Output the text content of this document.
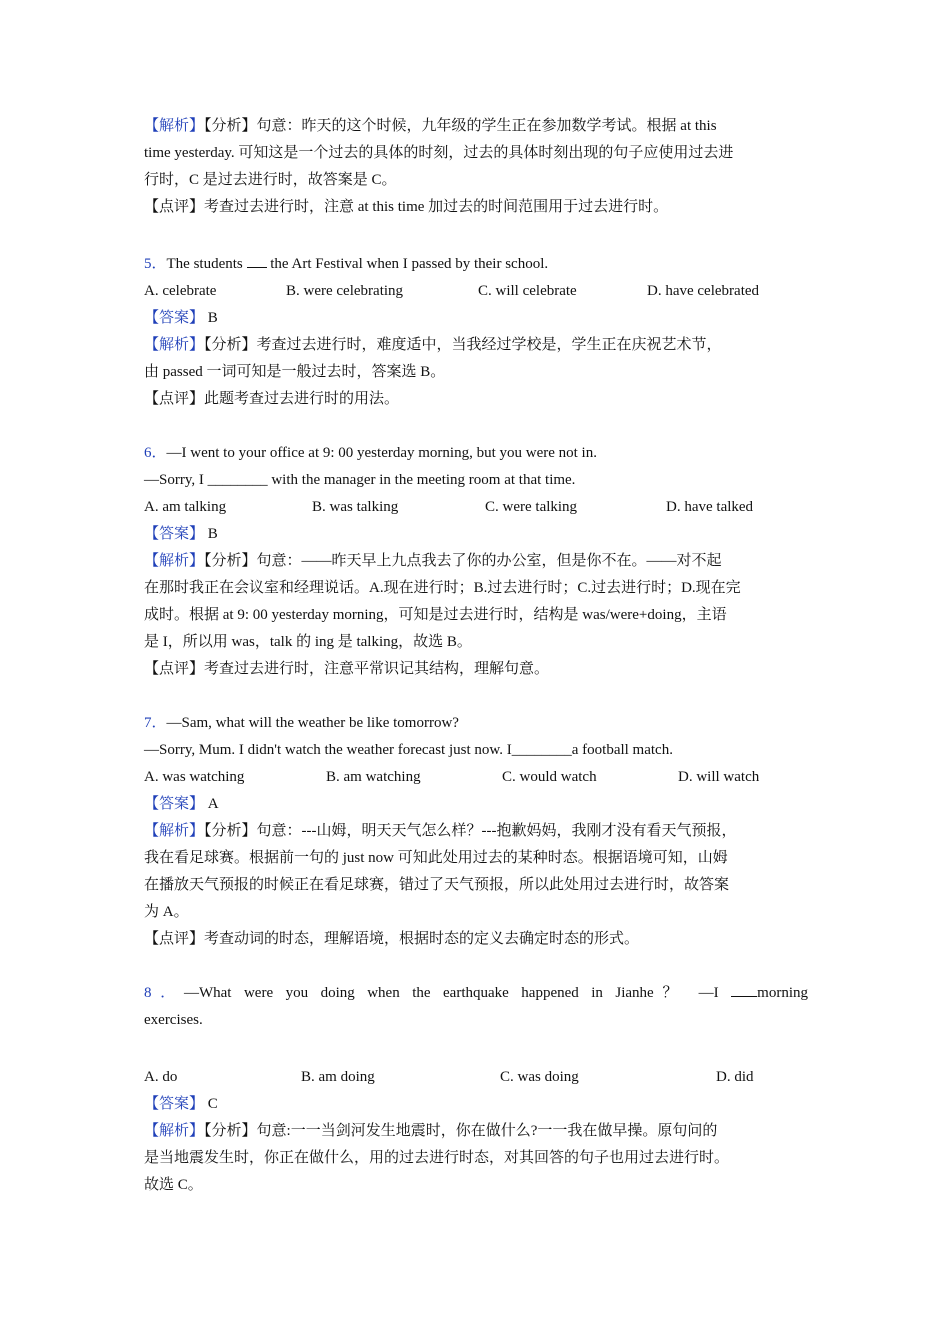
【解析】【分析】句意：昨天的这个时候，九年级的学生正在参加数学考试。根据 at this
time yesterday. 可知这是一个过去的具体的时刻，过去的具体时刻出现的句子应使用过去进
行时，C 是过去进行时，故答案是 C。
【点评】考查过去进行时，注意 at this time 加过去的时间范围用于过去进行时。
5．The students  the Art Festival when I passed by their school.
A. celebrate	B. were celebrating	C. will celebrate	D. have celebrated
【答案】 B
【解析】【分析】考查过去进行时，难度适中，当我经过学校是，学生正在庆祝艺术节，
由 passed 一词可知是一般过去时，答案选 B。
【点评】此题考查过去进行时的用法。
6．—I went to your office at 9: 00 yesterday morning, but you were not in.
—Sorry, I ________ with the manager in the meeting room at that time.
A. am talking	B. was talking	C. were talking	D. have talked
【答案】 B
【解析】【分析】句意：——昨天早上九点我去了你的办公室，但是你不在。——对不起
在那时我正在会议室和经理说话。A.现在进行时；B.过去进行时；C.过去进行时；D.现在完
成时。根据 at 9: 00 yesterday morning，可知是过去进行时，结构是 was/were+doing，主语
是 I，所以用 was，talk 的 ing 是 talking，故选 B。
【点评】考查过去进行时，注意平常识记其结构，理解句意。
7．—Sam, what will the weather be like tomorrow?
—Sorry, Mum. I didn't watch the weather forecast just now. I________a football match.
A. was watching	B. am watching	C. would watch	D. will watch
【答案】 A
【解析】【分析】句意：---山姆，明天天气怎么样？---抱歉妈妈，我刚才没有看天气预报，
我在看足球赛。根据前一句的 just now 可知此处用过去的某种时态。根据语境可知，山姆
在播放天气预报的时候正在看足球赛，错过了天气预报，所以此处用过去进行时，故答案
为 A。
【点评】考查动词的时态，理解语境，根据时态的定义去确定时态的形式。
8．—What were you doing when the earthquake happened in Jianhe？ —I morning
exercises.
A. do	B. am doing	C. was doing	D. did
【答案】 C
【解析】【分析】句意:一一当剑河发生地震时，你在做什么?一一我在做早操。原句问的
是当地震发生时，你正在做什么，用的过去进行时态，对其回答的句子也用过去进行时。
故选 C。
